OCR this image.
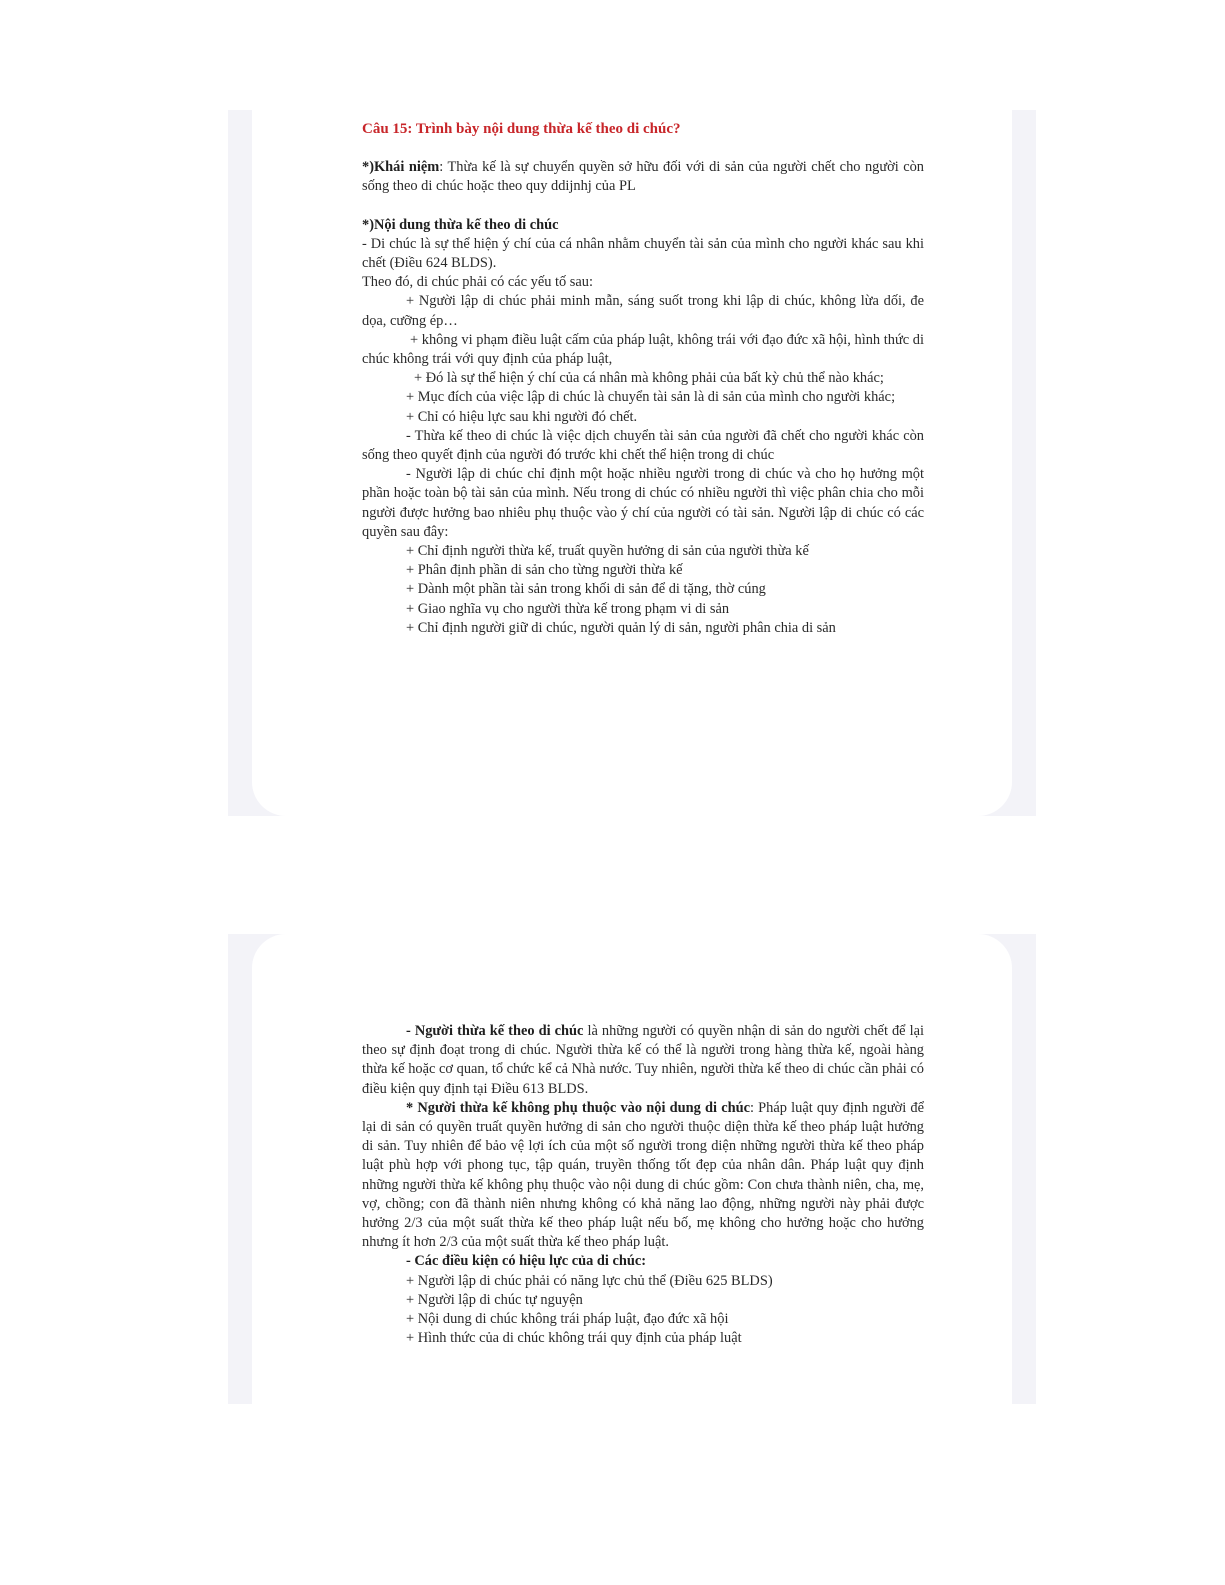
Câu 15: Trình bày nội dung thừa kế theo di chúc?

*)Khái niệm: Thừa kế là sự chuyển quyền sở hữu đối với di sản của người chết cho người còn sống theo di chúc hoặc theo quy ddijnhj của PL

*)Nội dung thừa kế theo di chúc

- Di chúc là sự thể hiện ý chí của cá nhân nhằm chuyển tài sản của mình cho người khác sau khi chết (Điều 624 BLDS).

Theo đó, di chúc phải có các yếu tố sau:

+ Người lập di chúc phải minh mẫn, sáng suốt trong khi lập di chúc, không lừa dối, đe dọa, cưỡng ép…

+ không vi phạm điều luật cấm của pháp luật, không trái với đạo đức xã hội, hình thức di chúc không trái với quy định của pháp luật,

+ Đó là sự thể hiện ý chí của cá nhân mà không phải của bất kỳ chủ thể nào khác;

+ Mục đích của việc lập di chúc là chuyển tài sản là di sản của mình cho người khác;

+ Chỉ có hiệu lực sau khi người đó chết.

- Thừa kế theo di chúc là việc dịch chuyển tài sản của người đã chết cho người khác còn sống theo quyết định của người đó trước khi chết thể hiện trong di chúc

- Người lập di chúc chỉ định một hoặc nhiều người trong di chúc và cho họ hưởng một phần hoặc toàn bộ tài sản của mình. Nếu trong di chúc có nhiều người thì việc phân chia cho mỗi người được hưởng bao nhiêu phụ thuộc vào ý chí của người có tài sản. Người lập di chúc có các quyền sau đây:

+ Chỉ định người thừa kế, truất quyền hưởng di sản của người thừa kế

+ Phân định phần di sản cho từng người thừa kế

+ Dành một phần tài sản trong khối di sản để di tặng, thờ cúng

+ Giao nghĩa vụ cho người thừa kế trong phạm vi di sản

+ Chỉ định người giữ di chúc, người quản lý di sản, người phân chia di sản

- Người thừa kế theo di chúc là những người có quyền nhận di sản do người chết để lại theo sự định đoạt trong di chúc. Người thừa kế có thể là người trong hàng thừa kế, ngoài hàng thừa kế hoặc cơ quan, tổ chức kể cả Nhà nước. Tuy nhiên, người thừa kế theo di chúc cần phải có điều kiện quy định tại Điều 613 BLDS.

* Người thừa kế không phụ thuộc vào nội dung di chúc: Pháp luật quy định người để lại di sản có quyền truất quyền hưởng di sản cho người thuộc diện thừa kế theo pháp luật hưởng di sản. Tuy nhiên để bảo vệ lợi ích của một số người trong diện những người thừa kế theo pháp luật phù hợp với phong tục, tập quán, truyền thống tốt đẹp của nhân dân. Pháp luật quy định những người thừa kế không phụ thuộc vào nội dung di chúc gồm: Con chưa thành niên, cha, mẹ, vợ, chồng; con đã thành niên nhưng không có khả năng lao động, những người này phải được hưởng 2/3 của một suất thừa kế theo pháp luật nếu bố, mẹ không cho hưởng hoặc cho hưởng nhưng ít hơn 2/3 của một suất thừa kế theo pháp luật.

- Các điều kiện có hiệu lực của di chúc:

+ Người lập di chúc phải có năng lực chủ thể (Điều 625 BLDS)

+ Người lập di chúc tự nguyện

+ Nội dung di chúc không trái pháp luật, đạo đức xã hội

+ Hình thức của di chúc không trái quy định của pháp luật
